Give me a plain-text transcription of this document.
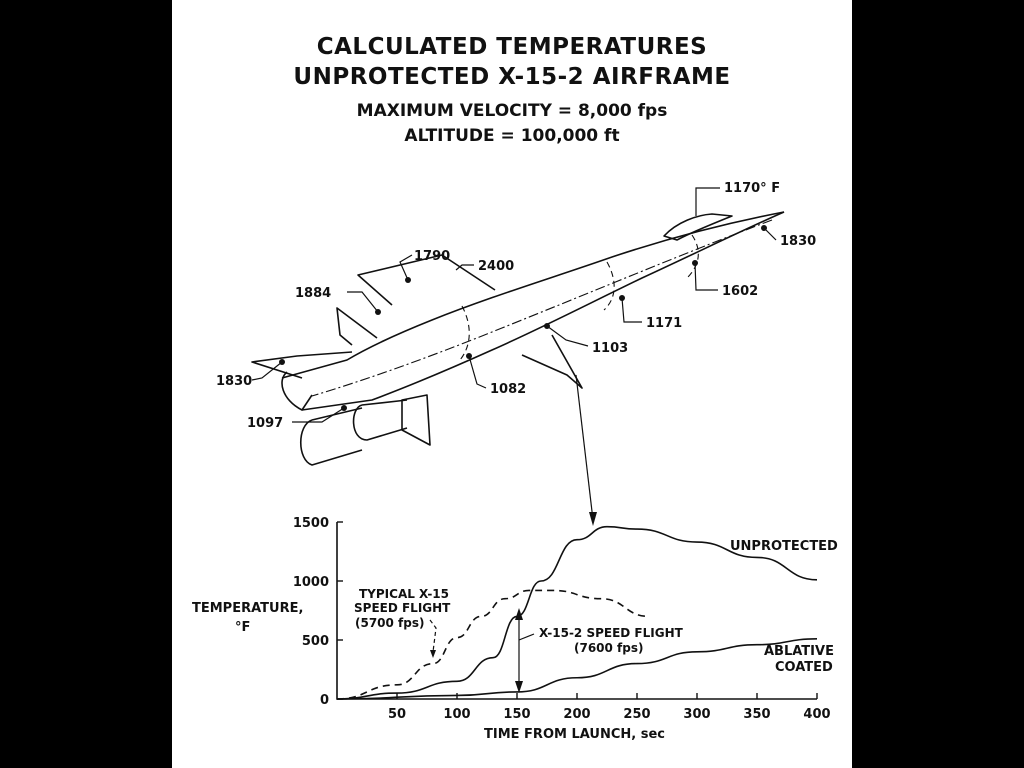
CALCULATED TEMPERATURES
UNPROTECTED X-15-2 AIRFRAME
MAXIMUM VELOCITY = 8,000 fps
ALTITUDE = 100,000 ft
1170° F
1830
1602
1171
1103
1082
1790
2400
1884
1830
1097
50	100	150	200	250	300	350	400
0
500
1000
1500
TEMPERATURE,
°F
TIME FROM LAUNCH, sec
UNPROTECTED
TYPICAL X-15
SPEED FLIGHT
(5700 fps)
X-15-2 SPEED FLIGHT
(7600 fps)	ABLATIVE
COATED
